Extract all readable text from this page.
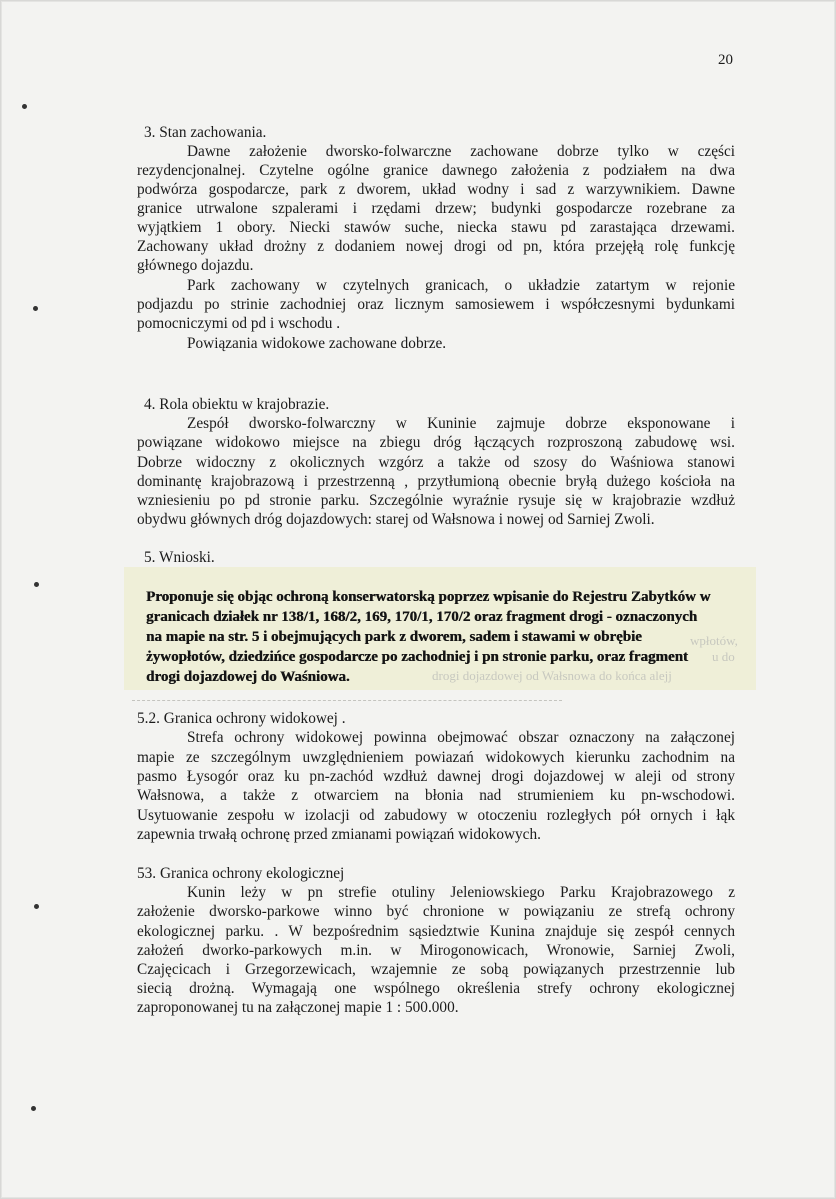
20
3. Stan zachowania.
Dawne założenie dworsko-folwarczne zachowane dobrze tylko w części
rezydencjonalnej. Czytelne ogólne granice dawnego założenia z podziałem na dwa
podwórza gospodarcze, park z dworem, układ wodny i sad z warzywnikiem. Dawne
granice utrwalone szpalerami i rzędami drzew; budynki gospodarcze rozebrane za
wyjątkiem 1 obory. Niecki stawów suche, niecka stawu pd zarastająca drzewami.
Zachowany układ drożny z dodaniem nowej drogi od pn, która przejęłą rolę funkcję
głównego dojazdu.
Park zachowany w czytelnych granicach, o układzie zatartym w rejonie
podjazdu po strinie zachodniej oraz licznym samosiewem i współczesnymi bydunkami
pomocniczymi od pd i wschodu .
Powiązania widokowe zachowane dobrze.
4. Rola obiektu w krajobrazie.
Zespół dworsko-folwarczny w Kuninie zajmuje dobrze eksponowane i
powiązane widokowo miejsce na zbiegu dróg łączących rozproszoną zabudowę wsi.
Dobrze widoczny z okolicznych wzgórz a także od szosy do Waśniowa stanowi
dominantę krajobrazową i przestrzenną , przytłumioną obecnie bryłą dużego kościoła na
wzniesieniu po pd stronie parku. Szczególnie wyraźnie rysuje się w krajobrazie wzdłuż
obydwu głównych dróg dojazdowych: starej od Wałsnowa i nowej od Sarniej Zwoli.
5. Wnioski.
wpłotów,
u do
drogi dojazdowej od Wałsnowa do końca alejj
Proponuje się objąc ochroną konserwatorską poprzez wpisanie do Rejestru Zabytków w
granicach działek nr 138/1, 168/2, 169, 170/1, 170/2 oraz fragment drogi - oznaczonych
na mapie na str. 5 i obejmujących park z dworem, sadem i stawami w obrębie
żywopłotów, dziedzińce gospodarcze po zachodniej i pn stronie parku, oraz fragment
drogi dojazdowej do Waśniowa.
5.2. Granica ochrony widokowej .
Strefa ochrony widokowej powinna obejmować obszar oznaczony na załączonej
mapie ze szczególnym uwzględnieniem powiazań widokowych kierunku zachodnim na
pasmo Łysogór oraz ku pn-zachód wzdłuż dawnej drogi dojazdowej w aleji od strony
Wałsnowa, a także z otwarciem na błonia nad strumieniem ku pn-wschodowi.
Usytuowanie zespołu w izolacji od zabudowy w otoczeniu rozległych pół ornych i łąk
zapewnia trwałą ochronę przed zmianami powiązań widokowych.
53. Granica ochrony ekologicznej
Kunin leży w pn strefie otuliny Jeleniowskiego Parku Krajobrazowego z
założenie dworsko-parkowe winno być chronione w powiązaniu ze strefą ochrony
ekologicznej parku. . W bezpośrednim sąsiedztwie Kunina znajduje się zespół cennych
założeń dworko-parkowych m.in. w Mirogonowicach, Wronowie, Sarniej Zwoli,
Czajęcicach i Grzegorzewicach, wzajemnie ze sobą powiązanych przestrzennie lub
siecią drożną. Wymagają one wspólnego określenia strefy ochrony ekologicznej
zaproponowanej tu na załączonej mapie 1 : 500.000.
